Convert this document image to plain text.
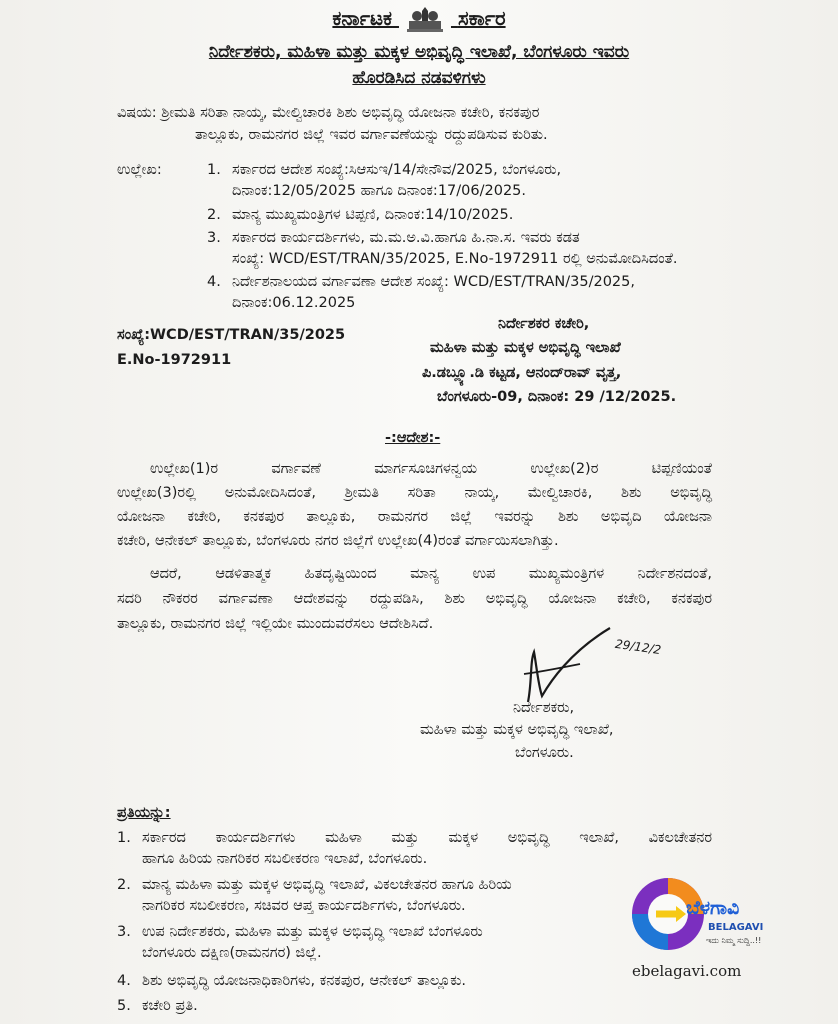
ಕರ್ನಾಟಕ	ಸರ್ಕಾರ
ನಿರ್ದೇಶಕರು, ಮಹಿಳಾ ಮತ್ತು ಮಕ್ಕಳ ಅಭಿವೃದ್ಧಿ ಇಲಾಖೆ, ಬೆಂಗಳೂರು ಇವರು
ಹೊರಡಿಸಿದ ನಡವಳಿಗಳು
ವಿಷಯ: ಶ್ರೀಮತಿ ಸರಿತಾ ನಾಯ್ಕ, ಮೇಲ್ವಿಚಾರಕಿ ಶಿಶು ಅಭಿವೃದ್ಧಿ ಯೋಜನಾ ಕಚೇರಿ, ಕನಕಪುರ
ತಾಲ್ಲೂಕು, ರಾಮನಗರ ಜಿಲ್ಲೆ ಇವರ ವರ್ಗಾವಣೆಯನ್ನು ರದ್ದುಪಡಿಸುವ ಕುರಿತು.
ಉಲ್ಲೇಖ:	1. ಸರ್ಕಾರದ ಆದೇಶ ಸಂಖ್ಯೆ:ಸಿಆಸುಇ/14/ಸೇನೌವ/2025, ಬೆಂಗಳೂರು,
ದಿನಾಂಕ:12/05/2025 ಹಾಗೂ ದಿನಾಂಕ:17/06/2025.
2. ಮಾನ್ಯ ಮುಖ್ಯಮಂತ್ರಿಗಳ ಟಿಪ್ಪಣಿ, ದಿನಾಂಕ:14/10/2025.
3. ಸರ್ಕಾರದ ಕಾರ್ಯದರ್ಶಿಗಳು, ಮ.ಮ.ಅ.ವಿ.ಹಾಗೂ ಹಿ.ನಾ.ಸ. ಇವರು ಕಡತ
ಸಂಖ್ಯೆ: WCD/EST/TRAN/35/2025, E.No-1972911 ರಲ್ಲಿ ಅನುಮೋದಿಸಿದಂತೆ.
4. ನಿರ್ದೇಶನಾಲಯದ ವರ್ಗಾವಣಾ ಆದೇಶ ಸಂಖ್ಯೆ: WCD/EST/TRAN/35/2025,
ದಿನಾಂಕ:06.12.2025
ಸಂಖ್ಯೆ:WCD/EST/TRAN/35/2025
E.No-1972911
ನಿರ್ದೇಶಕರ ಕಚೇರಿ,
ಮಹಿಳಾ ಮತ್ತು ಮಕ್ಕಳ ಅಭಿವೃದ್ಧಿ ಇಲಾಖೆ
ಪಿ.ಡಬ್ಲ್ಯೂ.ಡಿ ಕಟ್ಟಡ, ಆನಂದ್‌ರಾವ್ ವೃತ್ತ,
ಬೆಂಗಳೂರು-09, ದಿನಾಂಕ: 29 /12/2025.
-:ಆದೇಶ:-
ಉಲ್ಲೇಖ(1)ರ ವರ್ಗಾವಣೆ ಮಾರ್ಗಸೂಚಿಗಳನ್ವಯ ಉಲ್ಲೇಖ(2)ರ ಟಿಪ್ಪಣಿಯಂತೆ
ಉಲ್ಲೇಖ(3)ರಲ್ಲಿ ಅನುಮೋದಿಸಿದಂತೆ, ಶ್ರೀಮತಿ ಸರಿತಾ ನಾಯ್ಕ, ಮೇಲ್ವಿಚಾರಕಿ, ಶಿಶು ಅಭಿವೃದ್ಧಿ
ಯೋಜನಾ ಕಚೇರಿ, ಕನಕಪುರ ತಾಲ್ಲೂಕು, ರಾಮನಗರ ಜಿಲ್ಲೆ ಇವರನ್ನು ಶಿಶು ಅಭಿವೃದಿ ಯೋಜನಾ
ಕಚೇರಿ, ಆನೇಕಲ್ ತಾಲ್ಲೂಕು, ಬೆಂಗಳೂರು ನಗರ ಜಿಲ್ಲೆಗೆ ಉಲ್ಲೇಖ(4)ರಂತೆ ವರ್ಗಾಯಿಸಲಾಗಿತ್ತು.
ಆದರೆ, ಆಡಳಿತಾತ್ಮಕ ಹಿತದೃಷ್ಟಿಯಿಂದ ಮಾನ್ಯ ಉಪ ಮುಖ್ಯಮಂತ್ರಿಗಳ ನಿರ್ದೇಶನದಂತೆ,
ಸದರಿ ನೌಕರರ ವರ್ಗಾವಣಾ ಆದೇಶವನ್ನು ರದ್ದುಪಡಿಸಿ, ಶಿಶು ಅಭಿವೃದ್ಧಿ ಯೋಜನಾ ಕಚೇರಿ, ಕನಕಪುರ
ತಾಲ್ಲೂಕು, ರಾಮನಗರ ಜಿಲ್ಲೆ ಇಲ್ಲಿಯೇ ಮುಂದುವರೆಸಲು ಆದೇಶಿಸಿದೆ.
29/12/2
ನಿರ್ದೇಶಕರು,
ಮಹಿಳಾ ಮತ್ತು ಮಕ್ಕಳ ಅಭಿವೃದ್ಧಿ ಇಲಾಖೆ,
ಬೆಂಗಳೂರು.
ಪ್ರತಿಯನ್ನು:
1. ಸರ್ಕಾರದ ಕಾರ್ಯದರ್ಶಿಗಳು ಮಹಿಳಾ ಮತ್ತು ಮಕ್ಕಳ ಅಭಿವೃದ್ಧಿ ಇಲಾಖೆ, ವಿಕಲಚೇತನರ
ಹಾಗೂ ಹಿರಿಯ ನಾಗರಿಕರ ಸಬಲೀಕರಣ ಇಲಾಖೆ, ಬೆಂಗಳೂರು.
2. ಮಾನ್ಯ ಮಹಿಳಾ ಮತ್ತು ಮಕ್ಕಳ ಅಭಿವೃದ್ಧಿ ಇಲಾಖೆ, ವಿಕಲಚೇತನರ ಹಾಗೂ ಹಿರಿಯ
ನಾಗರಿಕರ ಸಬಲೀಕರಣ, ಸಚಿವರ ಆಪ್ತ ಕಾರ್ಯದರ್ಶಿಗಳು, ಬೆಂಗಳೂರು.
3. ಉಪ ನಿರ್ದೇಶಕರು, ಮಹಿಳಾ ಮತ್ತು ಮಕ್ಕಳ ಅಭಿವೃದ್ಧಿ ಇಲಾಖೆ ಬೆಂಗಳೂರು
ಬೆಂಗಳೂರು ದಕ್ಷಿಣ(ರಾಮನಗರ) ಜಿಲ್ಲೆ.
4. ಶಿಶು ಅಭಿವೃದ್ಧಿ ಯೋಜನಾಧಿಕಾರಿಗಳು, ಕನಕಪುರ, ಆನೇಕಲ್ ತಾಲ್ಲೂಕು.
5. ಕಚೇರಿ ಪ್ರತಿ.
ಬೆಳಗಾವಿ
BELAGAVI
ಇದು ನಿಮ್ಮ ಸುದ್ದಿ..!!
ebelagavi.com
